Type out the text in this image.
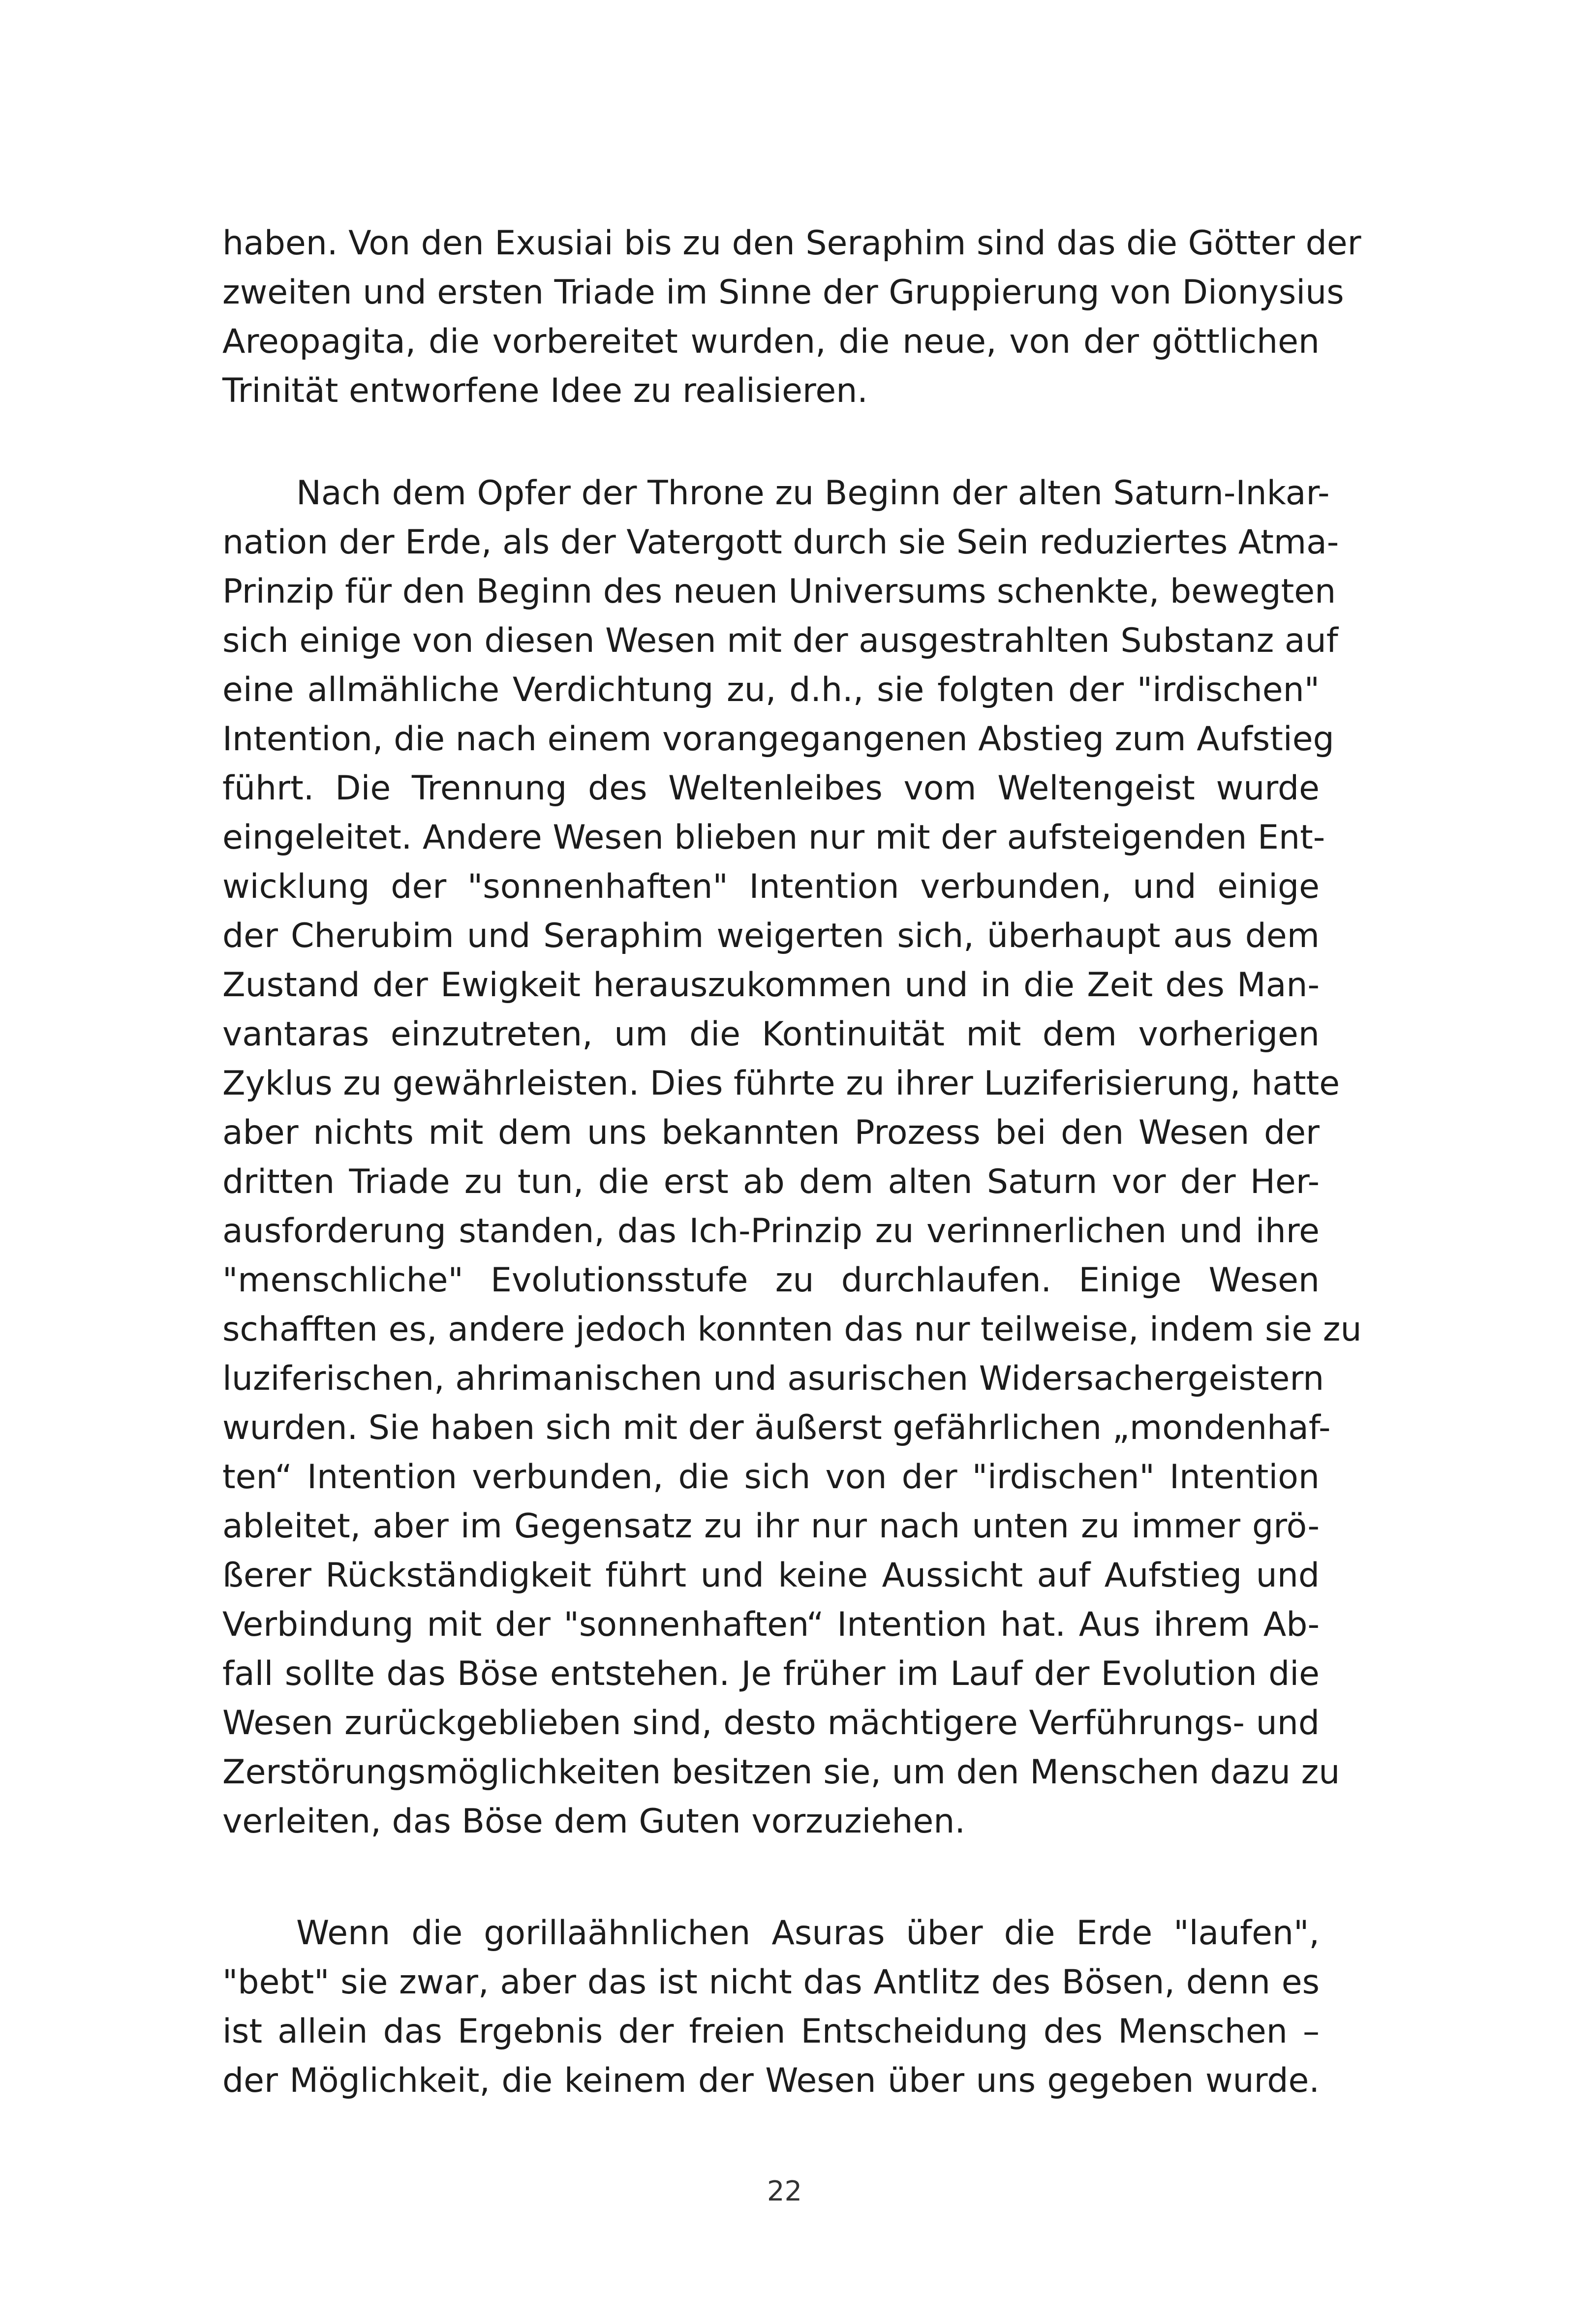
haben. Von den Exusiai bis zu den Seraphim sind das die Götter der
zweiten und ersten Triade im Sinne der Gruppierung von Dionysius
Areopagita, die vorbereitet wurden, die neue, von der göttlichen
Trinität entworfene Idee zu realisieren.
Nach dem Opfer der Throne zu Beginn der alten Saturn-Inkar-
nation der Erde, als der Vatergott durch sie Sein reduziertes Atma-
Prinzip für den Beginn des neuen Universums schenkte, bewegten
sich einige von diesen Wesen mit der ausgestrahlten Substanz auf
eine allmähliche Verdichtung zu, d.h., sie folgten der "irdischen"
Intention, die nach einem vorangegangenen Abstieg zum Aufstieg
führt. Die Trennung des Weltenleibes vom Weltengeist wurde
eingeleitet. Andere Wesen blieben nur mit der aufsteigenden Ent-
wicklung der "sonnenhaften" Intention verbunden, und einige
der Cherubim und Seraphim weigerten sich, überhaupt aus dem
Zustand der Ewigkeit herauszukommen und in die Zeit des Man-
vantaras einzutreten, um die Kontinuität mit dem vorherigen
Zyklus zu gewährleisten. Dies führte zu ihrer Luziferisierung, hatte
aber nichts mit dem uns bekannten Prozess bei den Wesen der
dritten Triade zu tun, die erst ab dem alten Saturn vor der Her-
ausforderung standen, das Ich-Prinzip zu verinnerlichen und ihre
"menschliche" Evolutionsstufe zu durchlaufen. Einige Wesen
schafften es, andere jedoch konnten das nur teilweise, indem sie zu
luziferischen, ahrimanischen und asurischen Widersachergeistern
wurden. Sie haben sich mit der äußerst gefährlichen „mondenhaf-
ten“ Intention verbunden, die sich von der "irdischen" Intention
ableitet, aber im Gegensatz zu ihr nur nach unten zu immer grö-
ßerer Rückständigkeit führt und keine Aussicht auf Aufstieg und
Verbindung mit der "sonnenhaften“ Intention hat. Aus ihrem Ab-
fall sollte das Böse entstehen. Je früher im Lauf der Evolution die
Wesen zurückgeblieben sind, desto mächtigere Verführungs- und
Zerstörungsmöglichkeiten besitzen sie, um den Menschen dazu zu
verleiten, das Böse dem Guten vorzuziehen.
Wenn die gorillaähnlichen Asuras über die Erde "laufen",
"bebt" sie zwar, aber das ist nicht das Antlitz des Bösen, denn es
ist allein das Ergebnis der freien Entscheidung des Menschen –
der Möglichkeit, die keinem der Wesen über uns gegeben wurde.
22
